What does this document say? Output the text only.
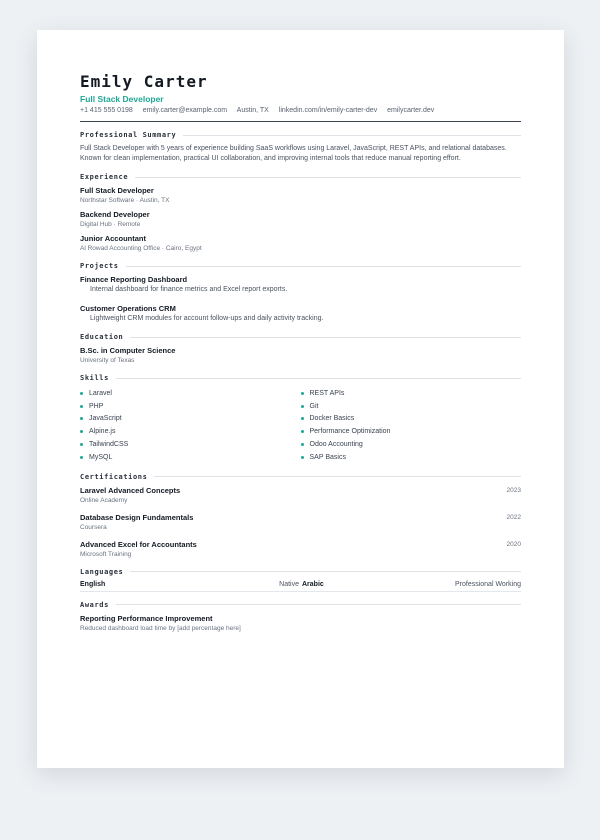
Emily Carter
Full Stack Developer
+1 415 555 0198 emily.carter@example.com Austin, TX linkedin.com/in/emily-carter-dev emilycarter.dev
Professional Summary
Full Stack Developer with 5 years of experience building SaaS workflows using Laravel, JavaScript, REST APIs, and relational databases. Known for clean implementation, practical UI collaboration, and improving internal tools that reduce manual reporting effort.
Experience
Full Stack Developer
Northstar Software · Austin, TX
Backend Developer
Digital Hub · Remote
Junior Accountant
Al Rowad Accounting Office · Cairo, Egypt
Projects
Finance Reporting Dashboard
Internal dashboard for finance metrics and Excel report exports.
Customer Operations CRM
Lightweight CRM modules for account follow-ups and daily activity tracking.
Education
B.Sc. in Computer Science
University of Texas
Skills
Laravel
PHP
JavaScript
Alpine.js
TailwindCSS
MySQL
REST APIs
Git
Docker Basics
Performance Optimization
Odoo Accounting
SAP Basics
Certifications
Laravel Advanced Concepts
Online Academy
2023
Database Design Fundamentals
Coursera
2022
Advanced Excel for Accountants
Microsoft Training
2020
Languages
English	Native Arabic	Professional Working
Awards
Reporting Performance Improvement
Reduced dashboard load time by [add percentage here]
